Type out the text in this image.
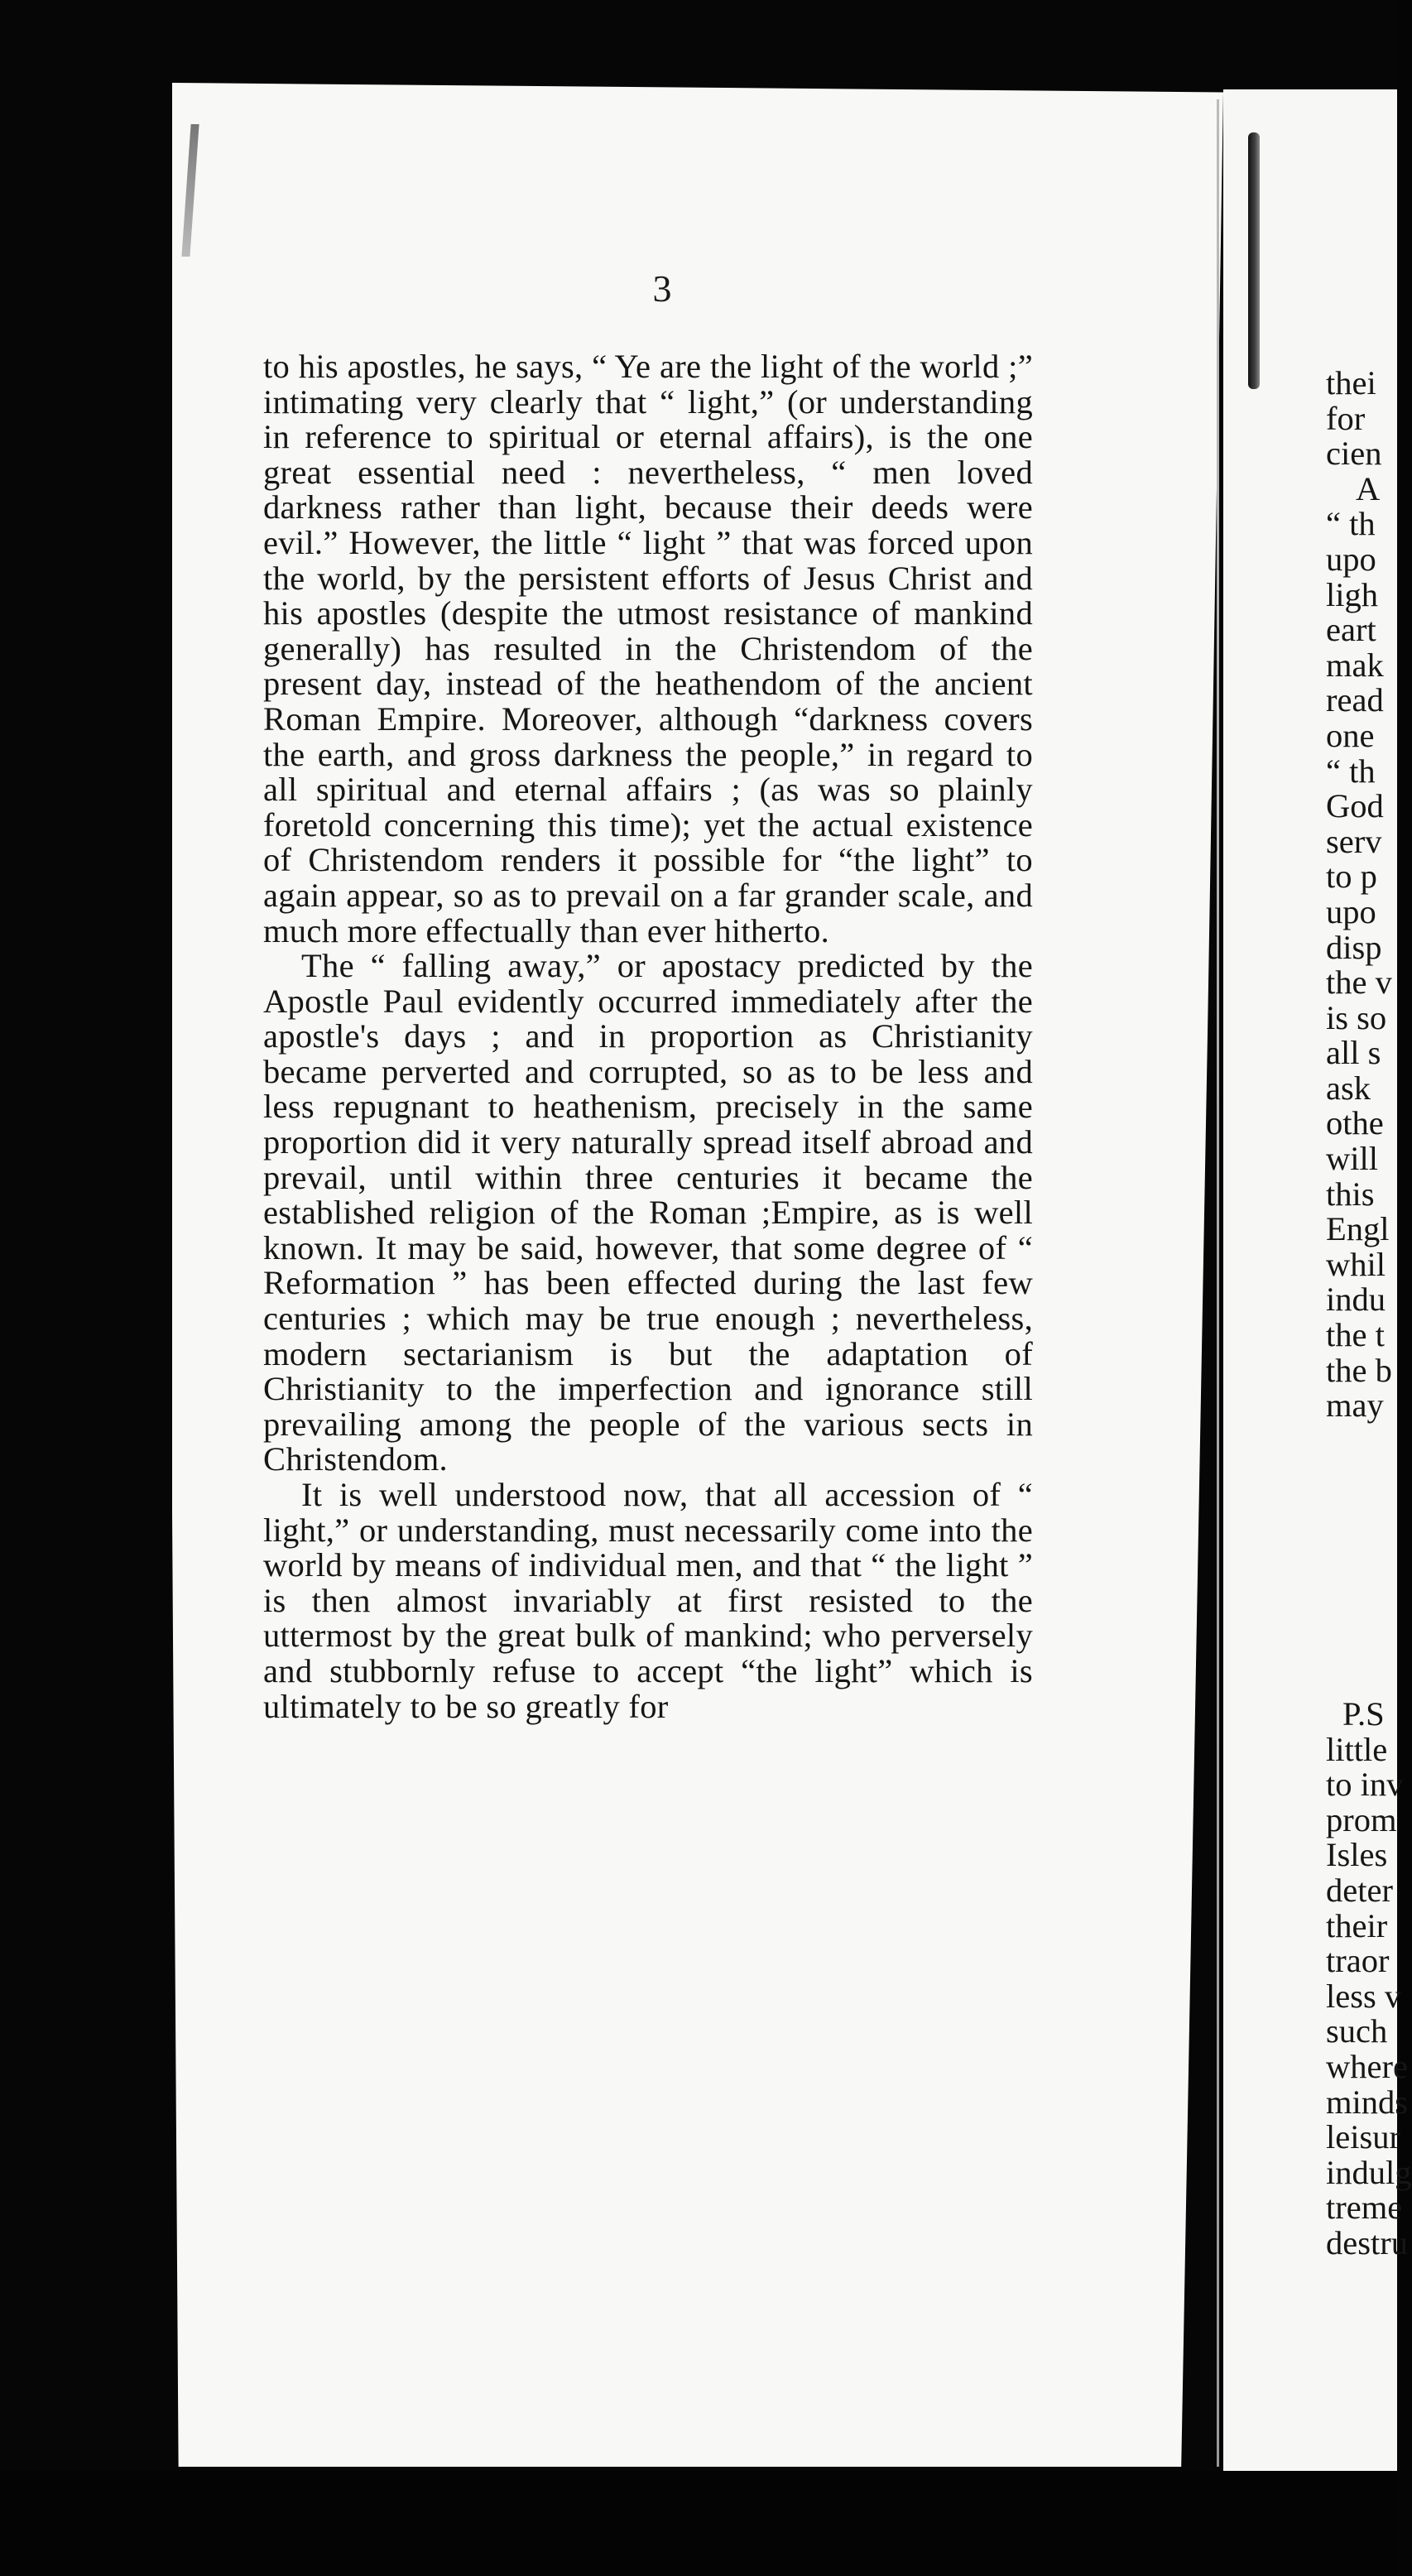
3

to his apostles, he says, “ Ye are the light of the world ;” intimating very clearly that “ light,” (or understanding in reference to spiritual or eternal affairs), is the one great essential need : nevertheless, “ men loved darkness rather than light, because their deeds were evil.” However, the little “ light ” that was forced upon the world, by the persistent efforts of Jesus Christ and his apostles (despite the utmost resistance of mankind generally) has resulted in the Christendom of the present day, instead of the heathendom of the ancient Roman Empire. Moreover, although “darkness covers the earth, and gross darkness the people,” in regard to all spiritual and eternal affairs ; (as was so plainly foretold concerning this time); yet the actual existence of Christendom renders it possible for “the light” to again appear, so as to prevail on a far grander scale, and much more effectually than ever hitherto.

The “ falling away,” or apostacy predicted by the Apostle Paul evidently occurred immediately after the apostle's days ; and in proportion as Christianity became perverted and corrupted, so as to be less and less repugnant to heathenism, precisely in the same proportion did it very naturally spread itself abroad and prevail, until within three centuries it became the established religion of the Roman ;Empire, as is well known. It may be said, however, that some degree of “ Reformation ” has been effected during the last few centuries ; which may be true enough ; nevertheless, modern sectarianism is but the adaptation of Christianity to the imperfection and ignorance still prevailing among the people of the various sects in Christendom.

It is well understood now, that all accession of “ light,” or understanding, must necessarily come into the world by means of individual men, and that “ the light ” is then almost invariably at first resisted to the uttermost by the great bulk of mankind; who perversely and stubbornly refuse to accept “the light” which is ultimately to be so greatly for

thei
for
cien
A
“ th
upo
ligh
eart
mak
read
one
“ th
God
serv
to p
upo
disp
the v
is so
all s
ask
othe
will
this
Engl
whil
indu
the t
the b
may
P.S
little
to inv
prom
Isles
deter
their
traor
less v
such
where
minds
leisur
indulg
treme
destru
